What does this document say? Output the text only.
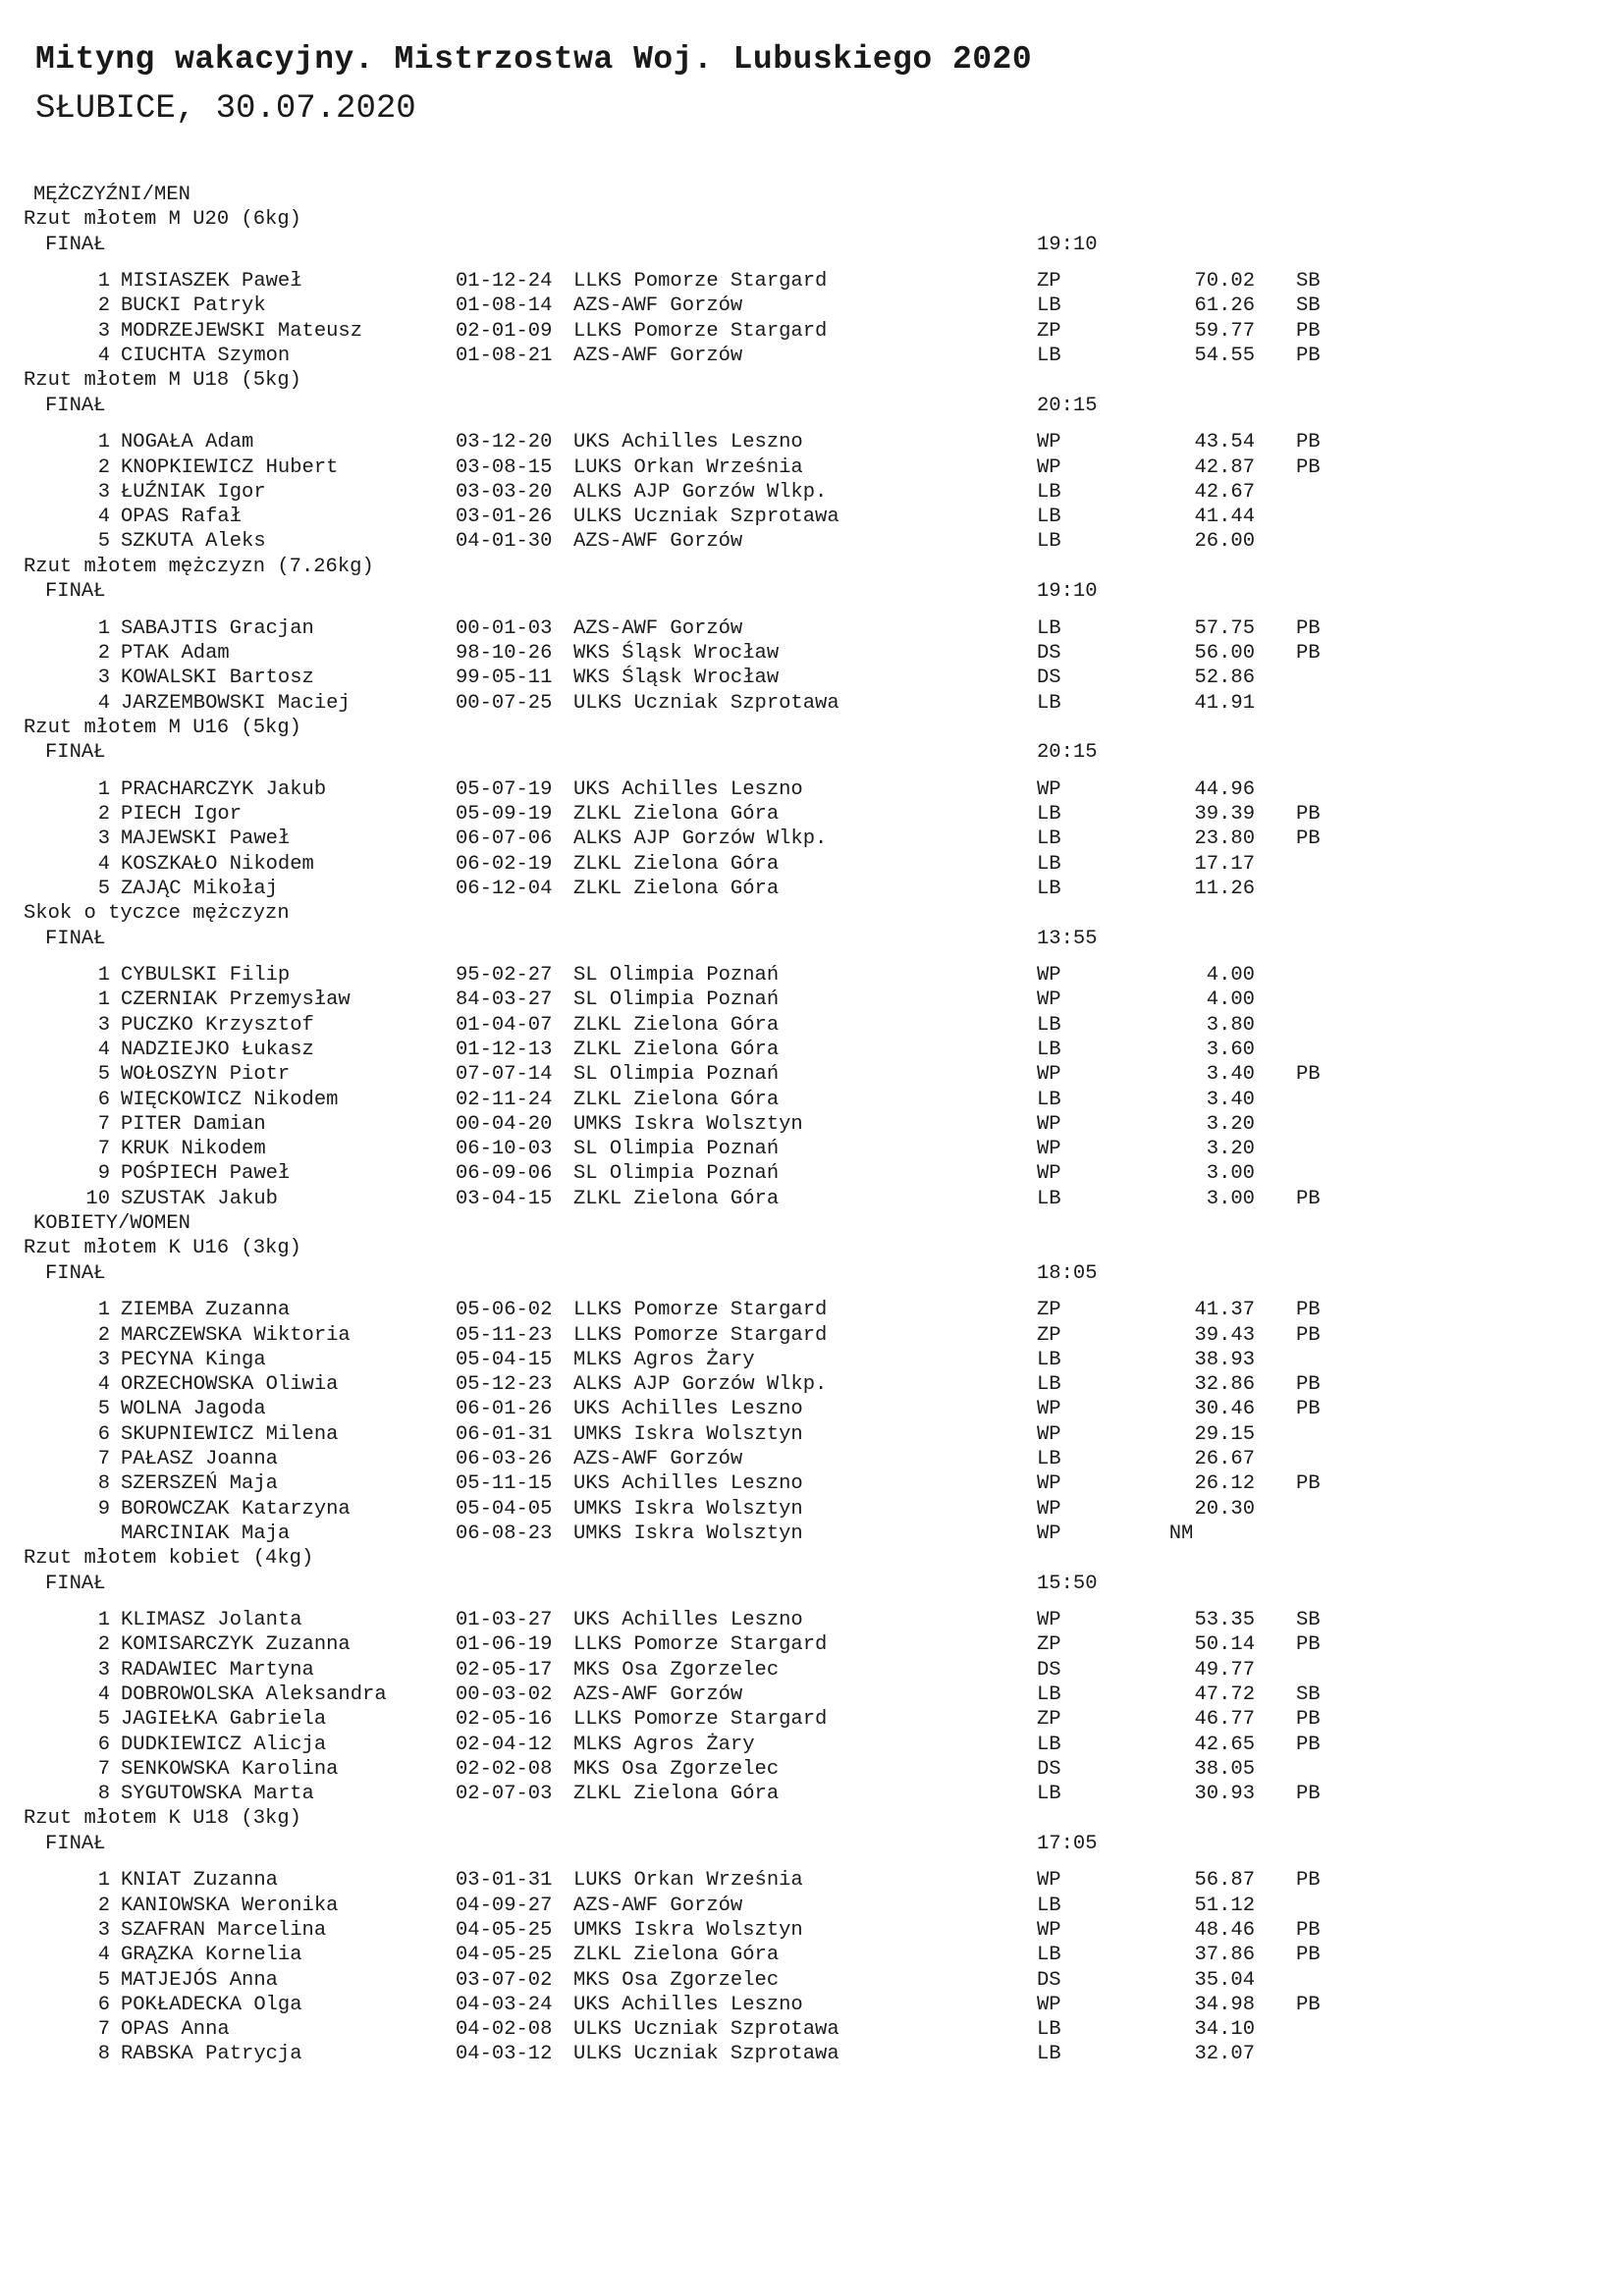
Mityng wakacyjny. Mistrzostwa Woj. Lubuskiego 2020
SŁUBICE, 30.07.2020
MĘŻCZYŹNI/MEN
Rzut młotem M U20 (6kg)
FINAŁ	19:10
1 MISIASZEK Paweł	01-12-24 LLKS Pomorze Stargard	ZP	70.02 SB
2 BUCKI Patryk	01-08-14 AZS-AWF Gorzów	LB	61.26 SB
3 MODRZEJEWSKI Mateusz	02-01-09 LLKS Pomorze Stargard	ZP	59.77 PB
4 CIUCHTA Szymon	01-08-21 AZS-AWF Gorzów	LB	54.55 PB
Rzut młotem M U18 (5kg)
FINAŁ	20:15
1 NOGAŁA Adam	03-12-20 UKS Achilles Leszno	WP	43.54 PB
2 KNOPKIEWICZ Hubert	03-08-15 LUKS Orkan Września	WP	42.87 PB
3 ŁUŹNIAK Igor	03-03-20 ALKS AJP Gorzów Wlkp.	LB	42.67
4 OPAS Rafał	03-01-26 ULKS Uczniak Szprotawa	LB	41.44
5 SZKUTA Aleks	04-01-30 AZS-AWF Gorzów	LB	26.00
Rzut młotem mężczyzn (7.26kg)
FINAŁ	19:10
1 SABAJTIS Gracjan	00-01-03 AZS-AWF Gorzów	LB	57.75 PB
2 PTAK Adam	98-10-26 WKS Śląsk Wrocław	DS	56.00 PB
3 KOWALSKI Bartosz	99-05-11 WKS Śląsk Wrocław	DS	52.86
4 JARZEMBOWSKI Maciej	00-07-25 ULKS Uczniak Szprotawa	LB	41.91
Rzut młotem M U16 (5kg)
FINAŁ	20:15
1 PRACHARCZYK Jakub	05-07-19 UKS Achilles Leszno	WP	44.96
2 PIECH Igor	05-09-19 ZLKL Zielona Góra	LB	39.39 PB
3 MAJEWSKI Paweł	06-07-06 ALKS AJP Gorzów Wlkp.	LB	23.80 PB
4 KOSZKAŁO Nikodem	06-02-19 ZLKL Zielona Góra	LB	17.17
5 ZAJĄC Mikołaj	06-12-04 ZLKL Zielona Góra	LB	11.26
Skok o tyczce mężczyzn
FINAŁ	13:55
1 CYBULSKI Filip	95-02-27 SL Olimpia Poznań	WP	4.00
1 CZERNIAK Przemysław	84-03-27 SL Olimpia Poznań	WP	4.00
3 PUCZKO Krzysztof	01-04-07 ZLKL Zielona Góra	LB	3.80
4 NADZIEJKO Łukasz	01-12-13 ZLKL Zielona Góra	LB	3.60
5 WOŁOSZYN Piotr	07-07-14 SL Olimpia Poznań	WP	3.40 PB
6 WIĘCKOWICZ Nikodem	02-11-24 ZLKL Zielona Góra	LB	3.40
7 PITER Damian	00-04-20 UMKS Iskra Wolsztyn	WP	3.20
7 KRUK Nikodem	06-10-03 SL Olimpia Poznań	WP	3.20
9 POŚPIECH Paweł	06-09-06 SL Olimpia Poznań	WP	3.00
10 SZUSTAK Jakub	03-04-15 ZLKL Zielona Góra	LB	3.00 PB
KOBIETY/WOMEN
Rzut młotem K U16 (3kg)
FINAŁ	18:05
1 ZIEMBA Zuzanna	05-06-02 LLKS Pomorze Stargard	ZP	41.37 PB
2 MARCZEWSKA Wiktoria	05-11-23 LLKS Pomorze Stargard	ZP	39.43 PB
3 PECYNA Kinga	05-04-15 MLKS Agros Żary	LB	38.93
4 ORZECHOWSKA Oliwia	05-12-23 ALKS AJP Gorzów Wlkp.	LB	32.86 PB
5 WOLNA Jagoda	06-01-26 UKS Achilles Leszno	WP	30.46 PB
6 SKUPNIEWICZ Milena	06-01-31 UMKS Iskra Wolsztyn	WP	29.15
7 PAŁASZ Joanna	06-03-26 AZS-AWF Gorzów	LB	26.67
8 SZERSZEŃ Maja	05-11-15 UKS Achilles Leszno	WP	26.12 PB
9 BOROWCZAK Katarzyna	05-04-05 UMKS Iskra Wolsztyn	WP	20.30
MARCINIAK Maja	06-08-23 UMKS Iskra Wolsztyn	WP	NM
Rzut młotem kobiet (4kg)
FINAŁ	15:50
1 KLIMASZ Jolanta	01-03-27 UKS Achilles Leszno	WP	53.35 SB
2 KOMISARCZYK Zuzanna	01-06-19 LLKS Pomorze Stargard	ZP	50.14 PB
3 RADAWIEC Martyna	02-05-17 MKS Osa Zgorzelec	DS	49.77
4 DOBROWOLSKA Aleksandra	00-03-02 AZS-AWF Gorzów	LB	47.72 SB
5 JAGIEŁKA Gabriela	02-05-16 LLKS Pomorze Stargard	ZP	46.77 PB
6 DUDKIEWICZ Alicja	02-04-12 MLKS Agros Żary	LB	42.65 PB
7 SENKOWSKA Karolina	02-02-08 MKS Osa Zgorzelec	DS	38.05
8 SYGUTOWSKA Marta	02-07-03 ZLKL Zielona Góra	LB	30.93 PB
Rzut młotem K U18 (3kg)
FINAŁ	17:05
1 KNIAT Zuzanna	03-01-31 LUKS Orkan Września	WP	56.87 PB
2 KANIOWSKA Weronika	04-09-27 AZS-AWF Gorzów	LB	51.12
3 SZAFRAN Marcelina	04-05-25 UMKS Iskra Wolsztyn	WP	48.46 PB
4 GRĄZKA Kornelia	04-05-25 ZLKL Zielona Góra	LB	37.86 PB
5 MATJEJÓS Anna	03-07-02 MKS Osa Zgorzelec	DS	35.04
6 POKŁADECKA Olga	04-03-24 UKS Achilles Leszno	WP	34.98 PB
7 OPAS Anna	04-02-08 ULKS Uczniak Szprotawa	LB	34.10
8 RABSKA Patrycja	04-03-12 ULKS Uczniak Szprotawa	LB	32.07
